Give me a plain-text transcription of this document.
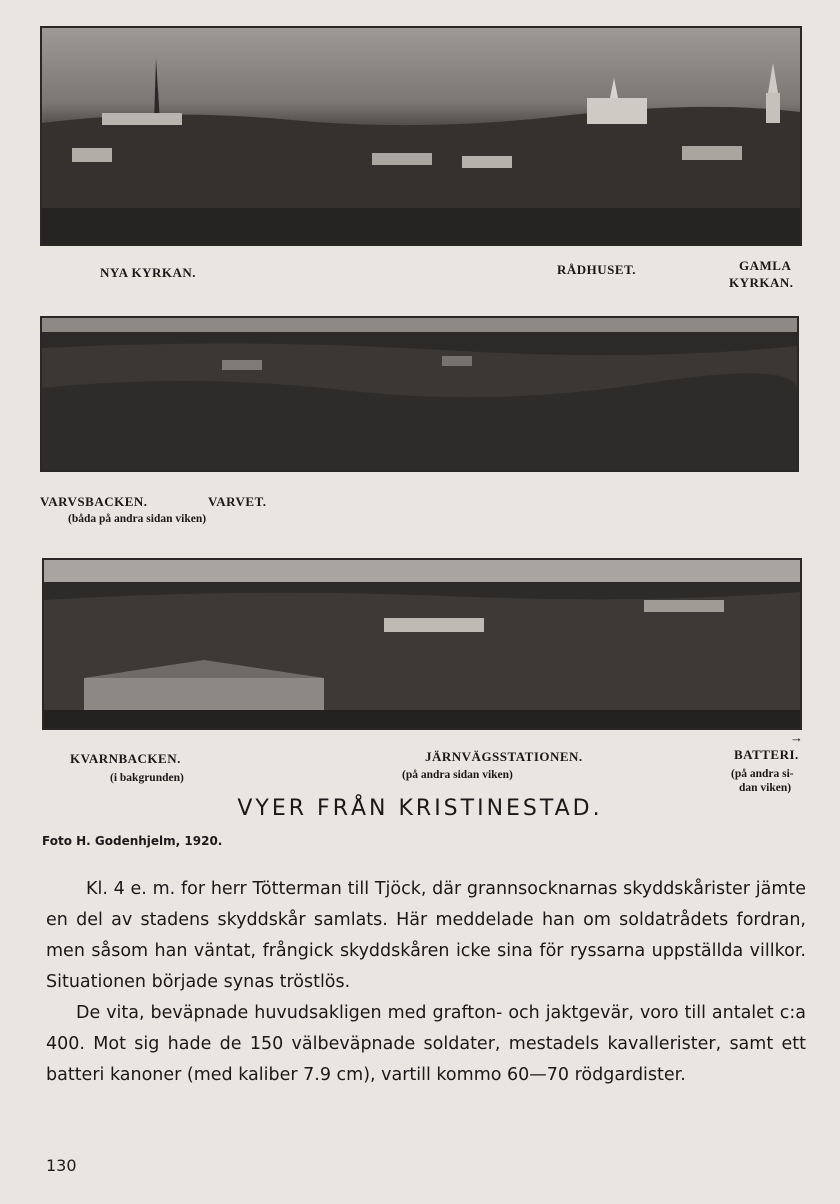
NYA KYRKAN.	RÅDHUSET.	GAMLA
KYRKAN.
VARVSBACKEN.	VARVET.
(båda på andra sidan viken)
KVARNBACKEN.
(i bakgrunden)
JÄRNVÄGSSTATIONEN.
(på andra sidan viken)
→
BATTERI.
(på andra si-
dan viken)
VYER FRÅN KRISTINESTAD.
Foto H. Godenhjelm, 1920.
Kl. 4 e. m. for herr Tötterman till Tjöck, där grannsocknarnas skyddskårister jämte en del av stadens skyddskår samlats. Här meddelade han om soldatrådets fordran, men såsom han väntat, frångick skyddskåren icke sina för ryssarna uppställda villkor. Situationen började synas tröstlös.
De vita, beväpnade huvudsakligen med grafton- och jaktgevär, voro till antalet c:a 400. Mot sig hade de 150 välbeväpnade soldater, mestadels kavallerister, samt ett batteri kanoner (med kaliber 7.9 cm), vartill kommo 60—70 rödgardister.
130
